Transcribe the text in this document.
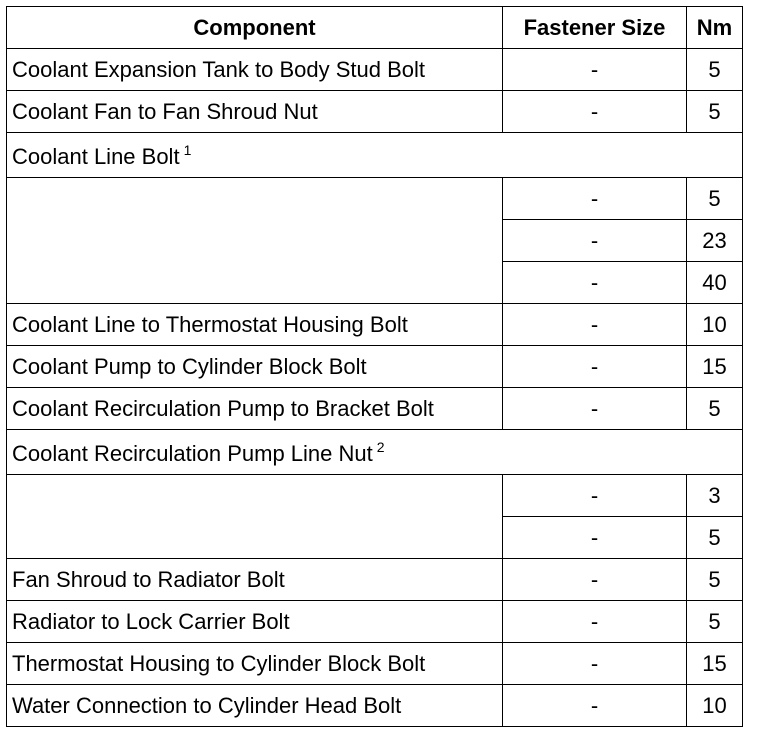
Component	Fastener Size	Nm
Coolant Expansion Tank to Body Stud Bolt	-	5
Coolant Fan to Fan Shroud Nut	-	5
Coolant Line Bolt $^1$
	-	5
	-	23
	-	40
Coolant Line to Thermostat Housing Bolt	-	10
Coolant Pump to Cylinder Block Bolt	-	15
Coolant Recirculation Pump to Bracket Bolt	-	5
Coolant Recirculation Pump Line Nut $^2$
	-	3
	-	5
Fan Shroud to Radiator Bolt	-	5
Radiator to Lock Carrier Bolt	-	5
Thermostat Housing to Cylinder Block Bolt	-	15
Water Connection to Cylinder Head Bolt	-	10
